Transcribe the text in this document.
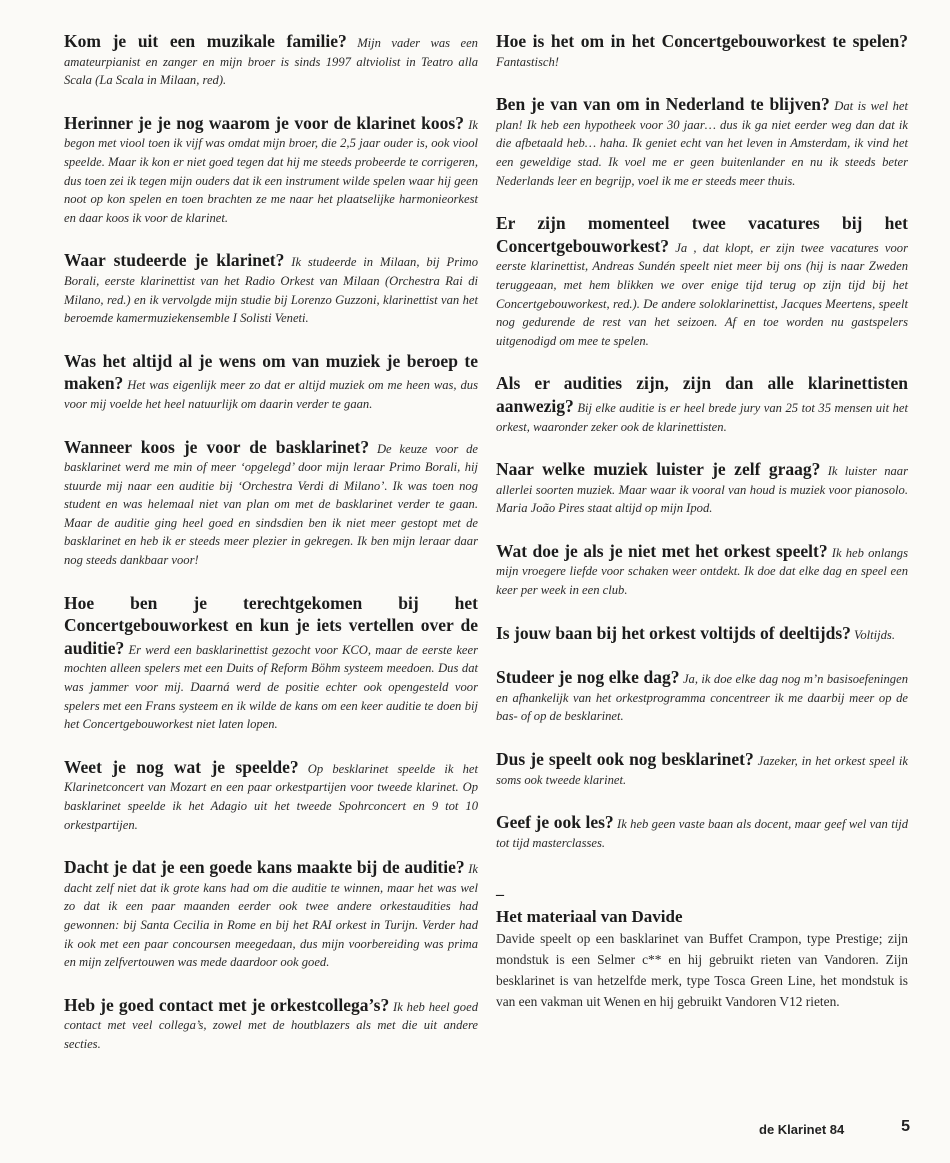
Kom je uit een muzikale familie? Mijn vader was een amateurpianist en zanger en mijn broer is sinds 1997 altviolist in Teatro alla Scala (La Scala in Milaan, red).

Herinner je je nog waarom je voor de klarinet koos? Ik begon met viool toen ik vijf was omdat mijn broer, die 2,5 jaar ouder is, ook viool speelde. Maar ik kon er niet goed tegen dat hij me steeds probeerde te corrigeren, dus toen zei ik tegen mijn ouders dat ik een instrument wilde spelen waar hij geen noot op kon spelen en toen brachten ze me naar het plaatselijke harmonieorkest en daar koos ik voor de klarinet.

Waar studeerde je klarinet? Ik studeerde in Milaan, bij Primo Borali, eerste klarinettist van het Radio Orkest van Milaan (Orchestra Rai di Milano, red.) en ik vervolgde mijn studie bij Lorenzo Guzzoni, klarinettist van het beroemde kamermuziekensemble I Solisti Veneti.

Was het altijd al je wens om van muziek je beroep te maken? Het was eigenlijk meer zo dat er altijd muziek om me heen was, dus voor mij voelde het heel natuurlijk om daarin verder te gaan.

Wanneer koos je voor de basklarinet? De keuze voor de basklarinet werd me min of meer ‘opgelegd’ door mijn leraar Primo Borali, hij stuurde mij naar een auditie bij ‘Orchestra Verdi di Milano’. Ik was toen nog student en was helemaal niet van plan om met de basklarinet verder te gaan. Maar de auditie ging heel goed en sindsdien ben ik niet meer gestopt met de basklarinet en heb ik er steeds meer plezier in gekregen. Ik ben mijn leraar daar nog steeds dankbaar voor!

Hoe ben je terechtgekomen bij het Concertgebouworkest en kun je iets vertellen over de auditie? Er werd een basklarinettist gezocht voor KCO, maar de eerste keer mochten alleen spelers met een Duits of Reform Böhm systeem meedoen. Dus dat was jammer voor mij. Daarná werd de positie echter ook opengesteld voor spelers met een Frans systeem en ik wilde de kans om een keer auditie te doen bij het Concertgebouworkest niet laten lopen.

Weet je nog wat je speelde? Op besklarinet speelde ik het Klarinetconcert van Mozart en een paar orkestpartijen voor tweede klarinet. Op basklarinet speelde ik het Adagio uit het tweede Spohrconcert en 9 tot 10 orkestpartijen.

Dacht je dat je een goede kans maakte bij de auditie? Ik dacht zelf niet dat ik grote kans had om die auditie te winnen, maar het was wel zo dat ik een paar maanden eerder ook twee andere orkestaudities had gewonnen: bij Santa Cecilia in Rome en bij het RAI orkest in Turijn. Verder had ik ook met een paar concoursen meegedaan, dus mijn voorbereiding was prima en mijn zelfvertouwen was mede daardoor ook goed.

Heb je goed contact met je orkestcollega’s? Ik heb heel goed contact met veel collega’s, zowel met de houtblazers als met die uit andere secties.

Hoe is het om in het Concertgebouworkest te spelen? Fantastisch!

Ben je van van om in Nederland te blijven? Dat is wel het plan! Ik heb een hypotheek voor 30 jaar… dus ik ga niet eerder weg dan dat ik die afbetaald heb… haha. Ik geniet echt van het leven in Amsterdam, ik vind het een geweldige stad. Ik voel me er geen buitenlander en nu ik steeds beter Nederlands leer en begrijp, voel ik me er steeds meer thuis.

Er zijn momenteel twee vacatures bij het Concertgebouworkest? Ja , dat klopt, er zijn twee vacatures voor eerste klarinettist, Andreas Sundén speelt niet meer bij ons (hij is naar Zweden teruggeaan, met hem blikken we over enige tijd terug op zijn tijd bij het Concertgebouworkest, red.). De andere soloklarinettist, Jacques Meertens, speelt nog gedurende de rest van het seizoen. Af en toe worden nu gastspelers uitgenodigd om mee te spelen.

Als er audities zijn, zijn dan alle klarinettisten aanwezig? Bij elke auditie is er heel brede jury van 25 tot 35 mensen uit het orkest, waaronder zeker ook de klarinettisten.

Naar welke muziek luister je zelf graag? Ik luister naar allerlei soorten muziek. Maar waar ik vooral van houd is muziek voor pianosolo. Maria João Pires staat altijd op mijn Ipod.

Wat doe je als je niet met het orkest speelt? Ik heb onlangs mijn vroegere liefde voor schaken weer ontdekt. Ik doe dat elke dag en speel een keer per week in een club.

Is jouw baan bij het orkest voltijds of deeltijds? Voltijds.

Studeer je nog elke dag? Ja, ik doe elke dag nog m’n basisoefeningen en afhankelijk van het orkestprogramma concentreer ik me daarbij meer op de bas- of op de besklarinet.

Dus je speelt ook nog besklarinet? Jazeker, in het orkest speel ik soms ook tweede klarinet.

Geef je ook les? Ik heb geen vaste baan als docent, maar geef wel van tijd tot tijd masterclasses.

–
Het materiaal van Davide
Davide speelt op een basklarinet van Buffet Crampon, type Prestige; zijn mondstuk is een Selmer c** en hij gebruikt rieten van Vandoren. Zijn besklarinet is van hetzelfde merk, type Tosca Green Line, het mondstuk is van een vakman uit Wenen en hij gebruikt Vandoren V12 rieten.
de Klarinet 84	5
